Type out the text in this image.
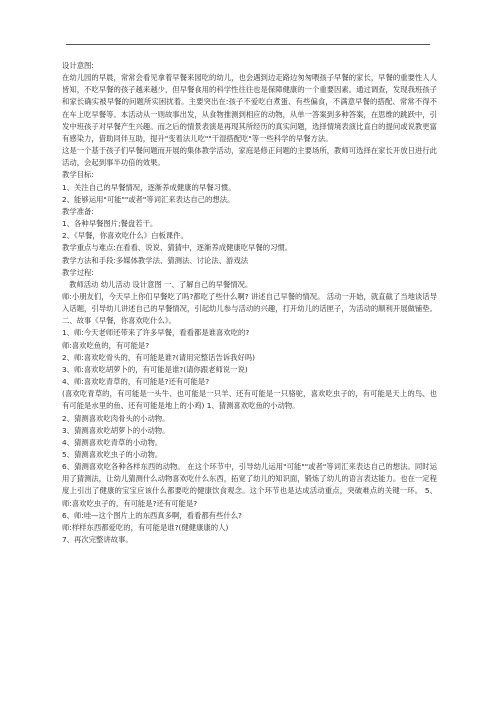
设计意图:

在幼儿园的早晨，常常会看见拿着早餐来园吃的幼儿，也会遇到边走路边匆匆喂孩子早餐的家长，早餐的重要性人人皆知，不吃早餐的孩子越来越少，但早餐食用的科学性往往也是保障健康的一个重要因素。通过调查，发现我班孩子和家长确实被早餐的问题所实困扰着。主要突出在:孩子不爱吃白煮蛋、有些偏食，不满意早餐的搭配、常常不得不在车上吃早餐等。本活动从一则故事出发，从食物推测到相应的动物，从单一答案到多种答案，在思维的跳跃中，引发中班孩子对早餐产生兴趣。而之后的情景表演是再现其所经历的真实问题，选择情境表演比直白的提问或说教更富有感染力，借助同伴互助，提升"变着法儿吃""干湿搭配吃"等一些科学的早餐方法。

这是一个基于孩子们早餐问题而开展的集体教学活动，家庭是修正问题的主要场所，教师可选择在家长开放日进行此活动，会起到事半功倍的效果。

教学目标:

1、关注自己的早餐情况，逐渐养成健康的早餐习惯。

2、能够运用"可能""或者"等词汇来表达自己的想法。

教学准备:

1、各种早餐图片;餐盘若干。

2、《早餐，你喜欢吃什么》白板课件。

教学重点与难点:在看看、说说、猜猜中，逐渐养成健康吃早餐的习惯。

教学方法和手段:多媒体教学法、猜测法、讨论法、游戏法

教学过程:

教师活动 幼儿活动 设计意图 一、了解自己的早餐情况。

师:小朋友们，今天早上你们早餐吃了吗?都吃了些什么啊? 讲述自己早餐的情况。 活动一开始，就直截了当地谈话导入话题，引导幼儿讲述自己的早餐情况，引起幼儿参与活动的兴趣，打开幼儿的话匣子，为活动的顺利开展做铺垫。 二、故事《早餐，你喜欢吃什么》。

1、师:今天老师还带来了许多早餐，看看都是谁喜欢吃的?

师:喜欢吃鱼的，有可能是?

2、师:喜欢吃骨头的，有可能是谁?(请用完整话告诉我好吗)

3、师:喜欢吃胡萝卜的，有可能是谁?(请你跟老师说一说)

4、师:喜欢吃青草的，有可能是?还有可能是?

(喜欢吃青草的，有可能是一头牛、也可能是一只羊、还有可能是一只骆驼，喜欢吃虫子的，有可能是天上的鸟、也有可能是水里的鱼、还有可能是地上的小鸡) 1、猜测喜欢吃鱼的小动物。

2、猜测喜欢吃肉骨头的小动物。

3、猜测喜欢吃胡萝卜的小动物。

4、猜测喜欢吃青草的小动物。

5、猜测喜欢吃虫子的小动物。

6、猜测喜欢吃各种各样东西的动物。 在这个环节中，引导幼儿运用"可能""或者"等词汇来表达自己的想法。同时运用了猜测法，让幼儿猜测什么动物喜欢吃什么东西，拓宽了幼儿的知识面，锻炼了幼儿的语言表达能力。也在一定程度上引出了健康的宝宝应该什么都要吃的健康饮食观念。这个环节也是达成活动重点，突破难点的关键一环。 5、师:喜欢吃虫子的，有可能是?还有可能是?

6、师:哇—这个图片上的东西真多啊，看看都有些什么?

师:样样东西都爱吃的，有可能是谁?(健健康康的人)

7、再次完整讲故事。
